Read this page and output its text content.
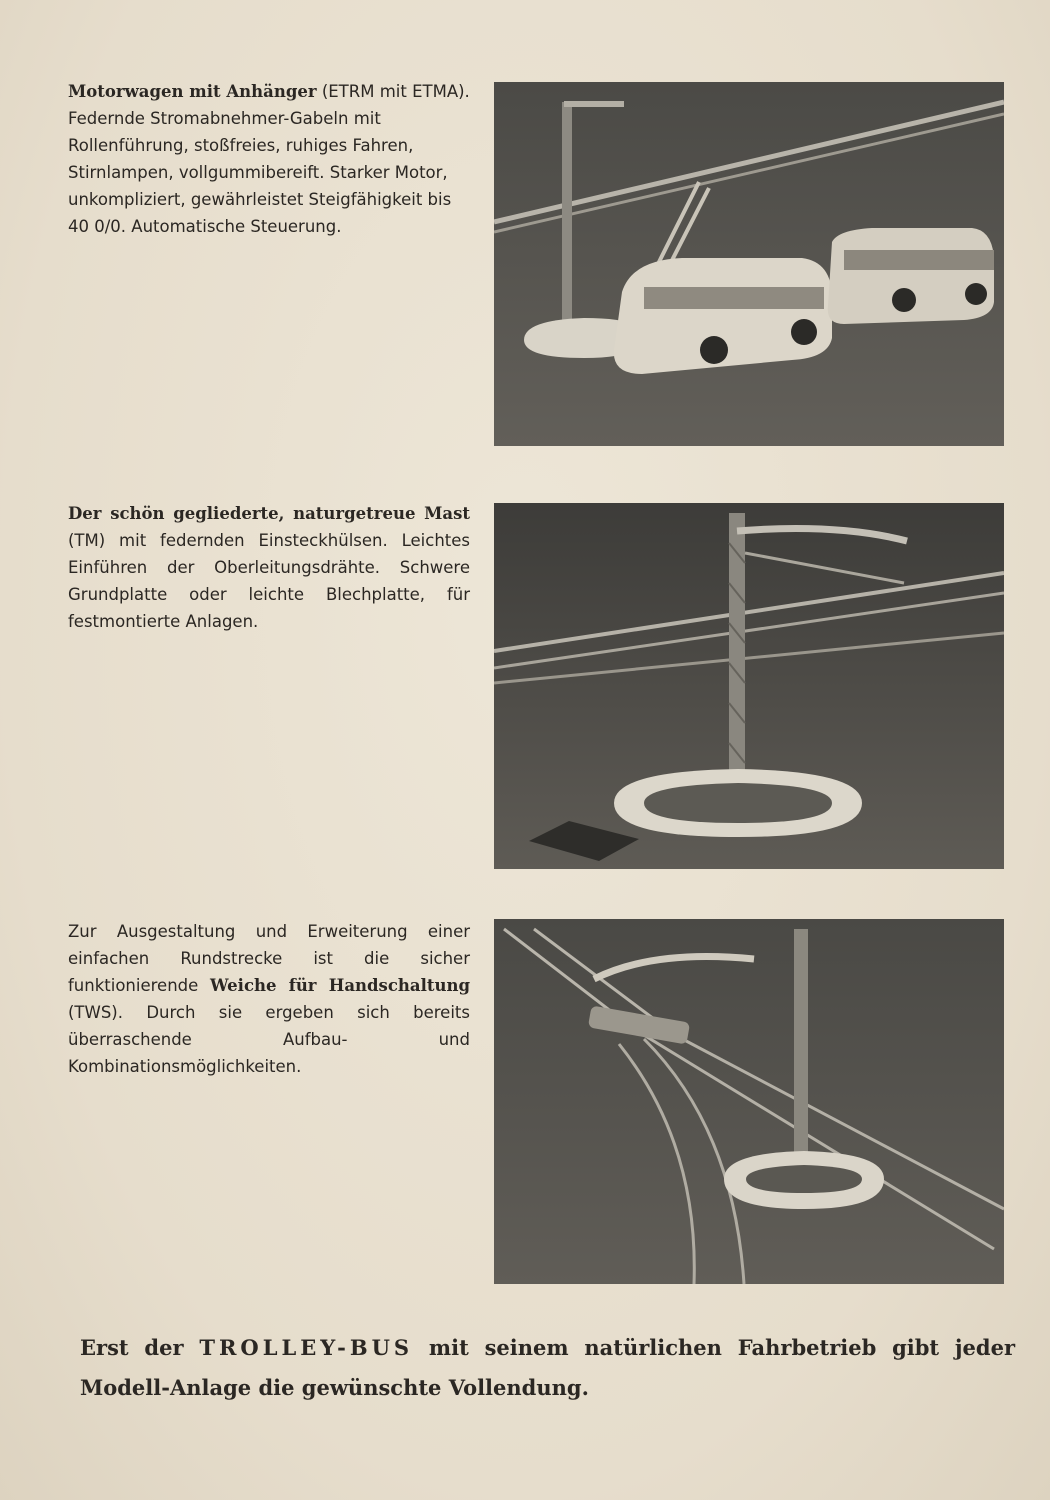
Motorwagen mit Anhänger (ETRM mit ETMA). Federnde Stromabnehmer-Gabeln mit Rollenführung, stoßfreies, ruhiges Fahren, Stirnlampen, vollgummibereift. Starker Motor, unkompliziert, gewährleistet Steigfähigkeit bis 40 0/0. Automatische Steuerung.
Der schön gegliederte, naturgetreue Mast (TM) mit federnden Einsteckhülsen. Leichtes Einführen der Oberleitungsdrähte. Schwere Grundplatte oder leichte Blechplatte, für festmontierte Anlagen.
Zur Ausgestaltung und Erweiterung einer einfachen Rundstrecke ist die sicher funktionierende Weiche für Handschaltung (TWS). Durch sie ergeben sich bereits überraschende Aufbau- und Kombinationsmöglichkeiten.
Erst der TROLLEY-BUS mit seinem natürlichen Fahrbetrieb gibt jeder Modell-Anlage die gewünschte Vollendung.
